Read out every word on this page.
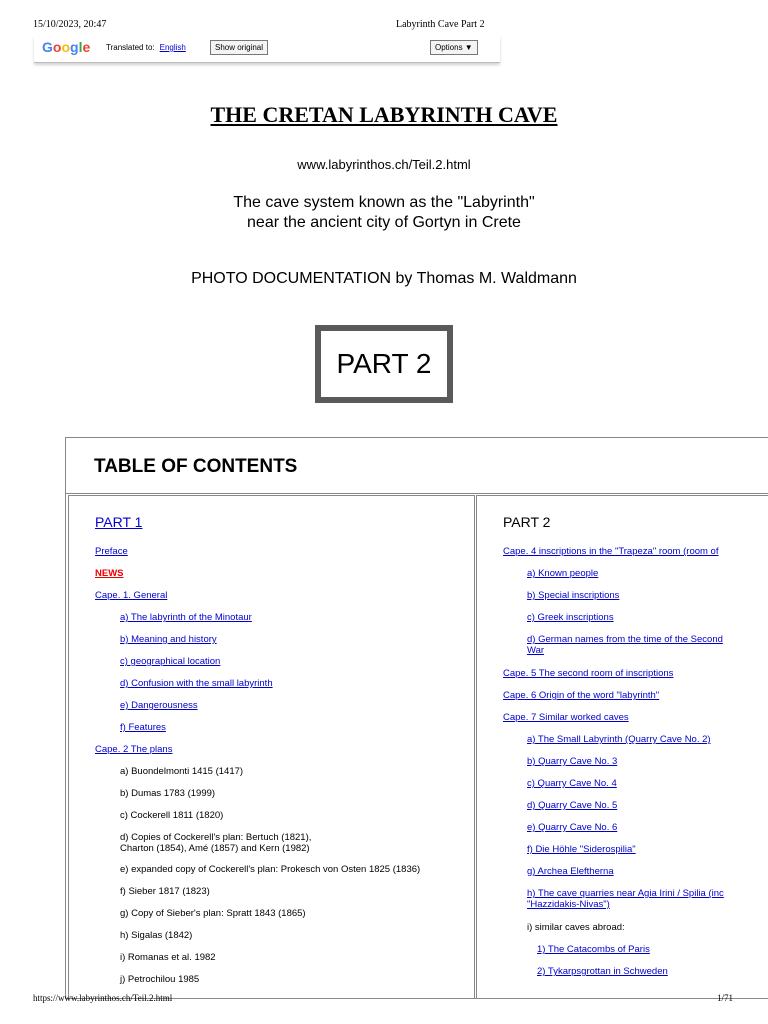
15/10/2023, 20:47	Labyrinth Cave Part 2
Google Translated to: English	Show original	Options ▼
THE CRETAN LABYRINTH CAVE
www.labyrinthos.ch/Teil.2.html
The cave system known as the "Labyrinth"
near the ancient city of Gortyn in Crete
PHOTO DOCUMENTATION by Thomas M. Waldmann
PART 2
TABLE OF CONTENTS
PART 1
Preface
NEWS
Cape. 1. General
a) The labyrinth of the Minotaur
b) Meaning and history
c) geographical location
d) Confusion with the small labyrinth
e) Dangerousness
f) Features
Cape. 2 The plans
a) Buondelmonti 1415 (1417)
b) Dumas 1783 (1999)
c) Cockerell 1811 (1820)
d) Copies of Cockerell's plan: Bertuch (1821),
Charton (1854), Amé (1857) and Kern (1982)
e) expanded copy of Cockerell's plan: Prokesch von Osten 1825 (1836)
f) Sieber 1817 (1823)
g) Copy of Sieber's plan: Spratt 1843 (1865)
h) Sigalas (1842)
i) Romanas et al. 1982
j) Petrochilou 1985
PART 2
Cape. 4 inscriptions in the "Trapeza" room (room of
a) Known people
b) Special inscriptions
c) Greek inscriptions
d) German names from the time of the Second
War
Cape. 5 The second room of inscriptions
Cape. 6 Origin of the word "labyrinth"
Cape. 7 Similar worked caves
a) The Small Labyrinth (Quarry Cave No. 2)
b) Quarry Cave No. 3
c) Quarry Cave No. 4
d) Quarry Cave No. 5
e) Quarry Cave No. 6
f) Die Höhle "Siderospilia"
g) Archea Eleftherna
h) The cave quarries near Agia Irini / Spilia (inc
"Hazzidakis-Nivas")
i) similar caves abroad:
1) The Catacombs of Paris
2) Tykarpsgrottan in Schweden
https://www.labyrinthos.ch/Teil.2.html	1/71
